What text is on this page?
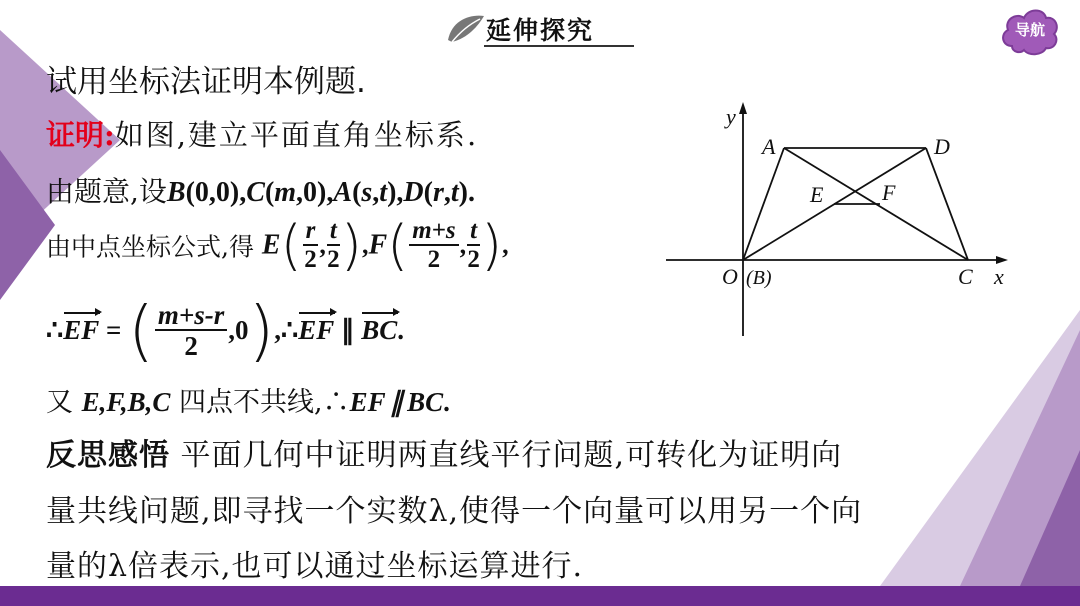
延伸探究	导航
试用坐标法证明本例题.
证明:如图,建立平面直角坐标系.
由题意,设B(0,0),C(m,0),A(s,t),D(r,t).
由中点坐标公式,得 $E( \frac{r}{2}$ , $\frac{t}{2} ),F( \frac{m+s}{2}$ , $\frac{t}{2}$ ),
∴EF = ( $\frac{m+s-r}{2}$ ,0),∴EF ∥ BC.
又 E,F,B,C 四点不共线,∴EF ∥ BC.
反思感悟 平面几何中证明两直线平行问题,可转化为证明向
量共线问题,即寻找一个实数λ,使得一个向量可以用另一个向
量的λ倍表示,也可以通过坐标运算进行.
y
x
A	D
E	F
O (B)	C
